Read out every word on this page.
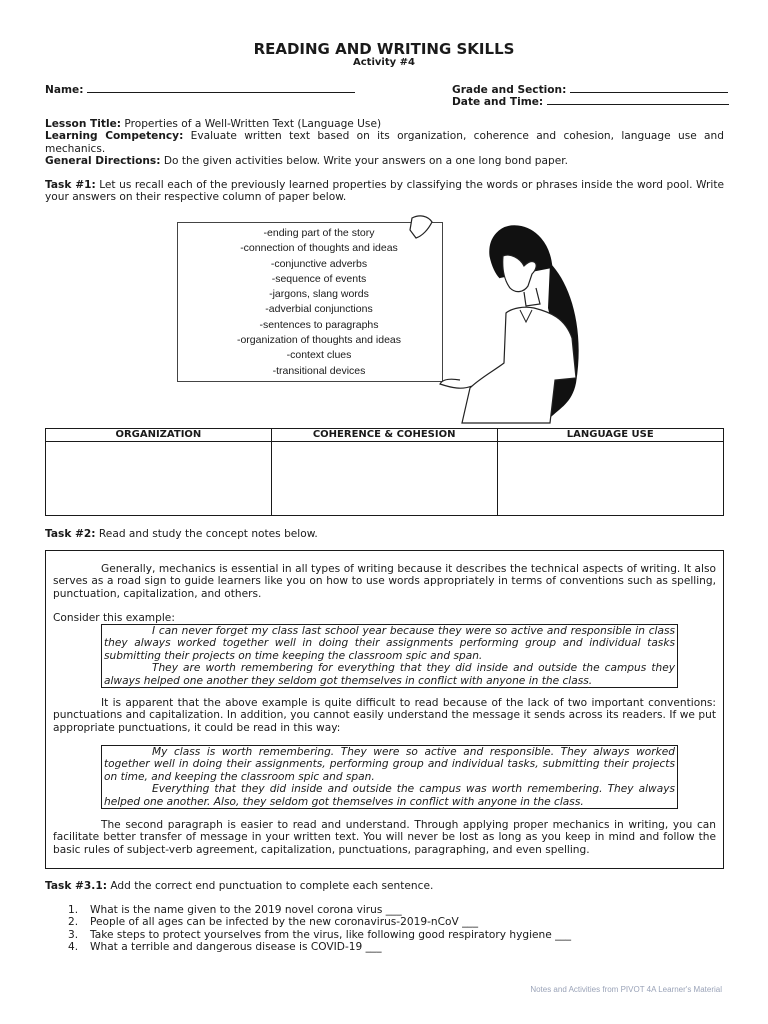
READING AND WRITING SKILLS
Activity #4
Name:	Grade and Section:
Date and Time:
Lesson Title: Properties of a Well-Written Text (Language Use)
Learning Competency: Evaluate written text based on its organization, coherence and cohesion, language use and mechanics.
General Directions: Do the given activities below. Write your answers on a one long bond paper.
Task #1: Let us recall each of the previously learned properties by classifying the words or phrases inside the word pool. Write your answers on their respective column of paper below.
-ending part of the story
-connection of thoughts and ideas
-conjunctive adverbs
-sequence of events
-jargons, slang words
-adverbial conjunctions
-sentences to paragraphs
-organization of thoughts and ideas
-context clues
-transitional devices
ORGANIZATION	COHERENCE & COHESION	LANGUAGE USE

Task #2: Read and study the concept notes below.
Generally, mechanics is essential in all types of writing because it describes the technical aspects of writing. It also serves as a road sign to guide learners like you on how to use words appropriately in terms of conventions such as spelling, punctuation, capitalization, and others.
Consider this example:
I can never forget my class last school year because they were so active and responsible in class they always worked together well in doing their assignments performing group and individual tasks submitting their projects on time keeping the classroom spic and span.
They are worth remembering for everything that they did inside and outside the campus they always helped one another they seldom got themselves in conflict with anyone in the class.
It is apparent that the above example is quite difficult to read because of the lack of two important conventions: punctuations and capitalization. In addition, you cannot easily understand the message it sends across its readers. If we put appropriate punctuations, it could be read in this way:
My class is worth remembering. They were so active and responsible. They always worked together well in doing their assignments, performing group and individual tasks, submitting their projects on time, and keeping the classroom spic and span.
Everything that they did inside and outside the campus was worth remembering. They always helped one another. Also, they seldom got themselves in conflict with anyone in the class.
The second paragraph is easier to read and understand. Through applying proper mechanics in writing, you can facilitate better transfer of message in your written text. You will never be lost as long as you keep in mind and follow the basic rules of subject-verb agreement, capitalization, punctuations, paragraphing, and even spelling.
Task #3.1: Add the correct end punctuation to complete each sentence.
1. What is the name given to the 2019 novel corona virus ___
2. People of all ages can be infected by the new coronavirus-2019-nCoV ___
3. Take steps to protect yourselves from the virus, like following good respiratory hygiene ___
4. What a terrible and dangerous disease is COVID-19 ___
Notes and Activities from PIVOT 4A Learner's Material
